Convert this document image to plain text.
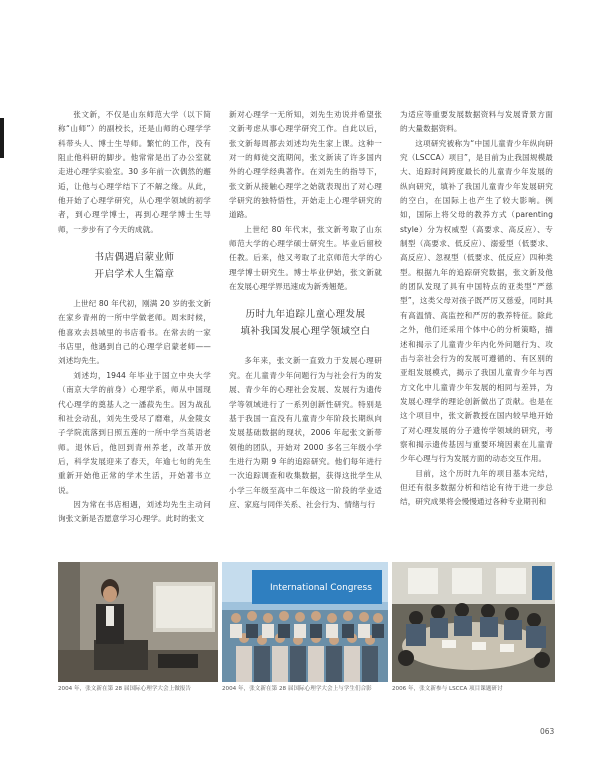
张文新，不仅是山东师范大学（以下简称“山师”）的副校长，还是山师的心理学学科带头人、博士生导师。繁忙的工作，没有阻止他科研的脚步。他常常是出了办公室就走进心理学实验室。30 多年前一次偶然的邂逅，让他与心理学结下了不解之缘。从此，他开始了心理学研究，从心理学领域的初学者，到心理学博士，再到心理学博士生导师，一步步有了今天的成就。

书店偶遇启蒙业师
开启学术人生篇章

上世纪 80 年代初，刚满 20 岁的张文新在家乡青州的一所中学做老师。周末时候，他喜欢去县城里的书店看书。在常去的一家书店里，他遇到自己的心理学启蒙老师——刘述均先生。

刘述均，1944 年毕业于国立中央大学（南京大学的前身）心理学系，师从中国现代心理学的奠基人之一潘菽先生。因为战乱和社会动乱，刘先生受尽了磨难，从金陵女子学院流落到日照五莲的一所中学当英语老师。退休后，他回到青州养老，改革开放后，科学发展迎来了春天，年逾七旬的先生重新开始他正常的学术生活，开始著书立说。

因为常在书店相遇，刘述均先生主动问询张文新是否愿意学习心理学。此时的张文

新对心理学一无所知，刘先生劝说并希望张文新考虑从事心理学研究工作。自此以后，张文新每周都去刘述均先生家上课。这种一对一的师徒交流期间，张文新读了许多国内外的心理学经典著作。在刘先生的指导下，张文新从接触心理学之始就表现出了对心理学研究的独特悟性，开始走上心理学研究的道路。

上世纪 80 年代末，张文新考取了山东师范大学的心理学硕士研究生。毕业后留校任教。后来，他又考取了北京师范大学的心理学博士研究生。博士毕业伊始，张文新就在发展心理学界迅速成为新秀翘楚。

历时九年追踪儿童心理发展
填补我国发展心理学领域空白

多年来，张文新一直致力于发展心理研究。在儿童青少年问题行为与社会行为的发展、青少年的心理社会发展、发展行为遗传学等领域进行了一系列创新性研究。特别是基于我国一直没有儿童青少年阶段长期纵向发展基础数据的现状，2006 年起张文新带领他的团队，开始对 2000 多名三年级小学生进行为期 9 年的追踪研究。他们每年进行一次追踪调查和收集数据，获得这批学生从小学三年级至高中二年级这一阶段的学业适应、家庭与同伴关系、社会行为、情绪与行

为适应等重要发展数据资料与发展背景方面的大量数据资料。

这项研究被称为“中国儿童青少年纵向研究（LSCCA）项目”，是目前为止我国规模最大、追踪时间跨度最长的儿童青少年发展的纵向研究，填补了我国儿童青少年发展研究的空白，在国际上也产生了较大影响。例如，国际上将父母的教养方式（parenting style）分为权威型（高要求、高反应）、专制型（高要求、低反应）、溺爱型（低要求、高反应）、忽视型（低要求、低反应）四种类型。根据九年的追踪研究数据，张文新及他的团队发现了具有中国特点的亚类型“严慈型”，这类父母对孩子既严厉又慈爱，同时具有高温情、高监控和严厉的教养特征。除此之外，他们还采用个体中心的分析策略，描述和揭示了儿童青少年内化外问题行为、攻击与亲社会行为的发展可遵循的、有区别的亚组发展模式，揭示了我国儿童青少年与西方文化中儿童青少年发展的相同与差异，为发展心理学的理论创新做出了贡献。也是在这个项目中，张文新教授在国内较早地开始了对心理发展的分子遗传学领域的研究，考察和揭示遗传基因与重要环境因素在儿童青少年心理与行为发展方面的动态交互作用。

目前，这个历时九年的项目基本完结，但还有很多数据分析和结论有待于进一步总结，研究成果将会慢慢通过各种专业期刊和

International Congress
2004 年，张文新在第 28 届国际心理学大会上做报告	2004 年，张文新在第 28 届国际心理学大会上与学生们合影	2006 年，张文新参与 LSCCA 项目课题研讨
063
